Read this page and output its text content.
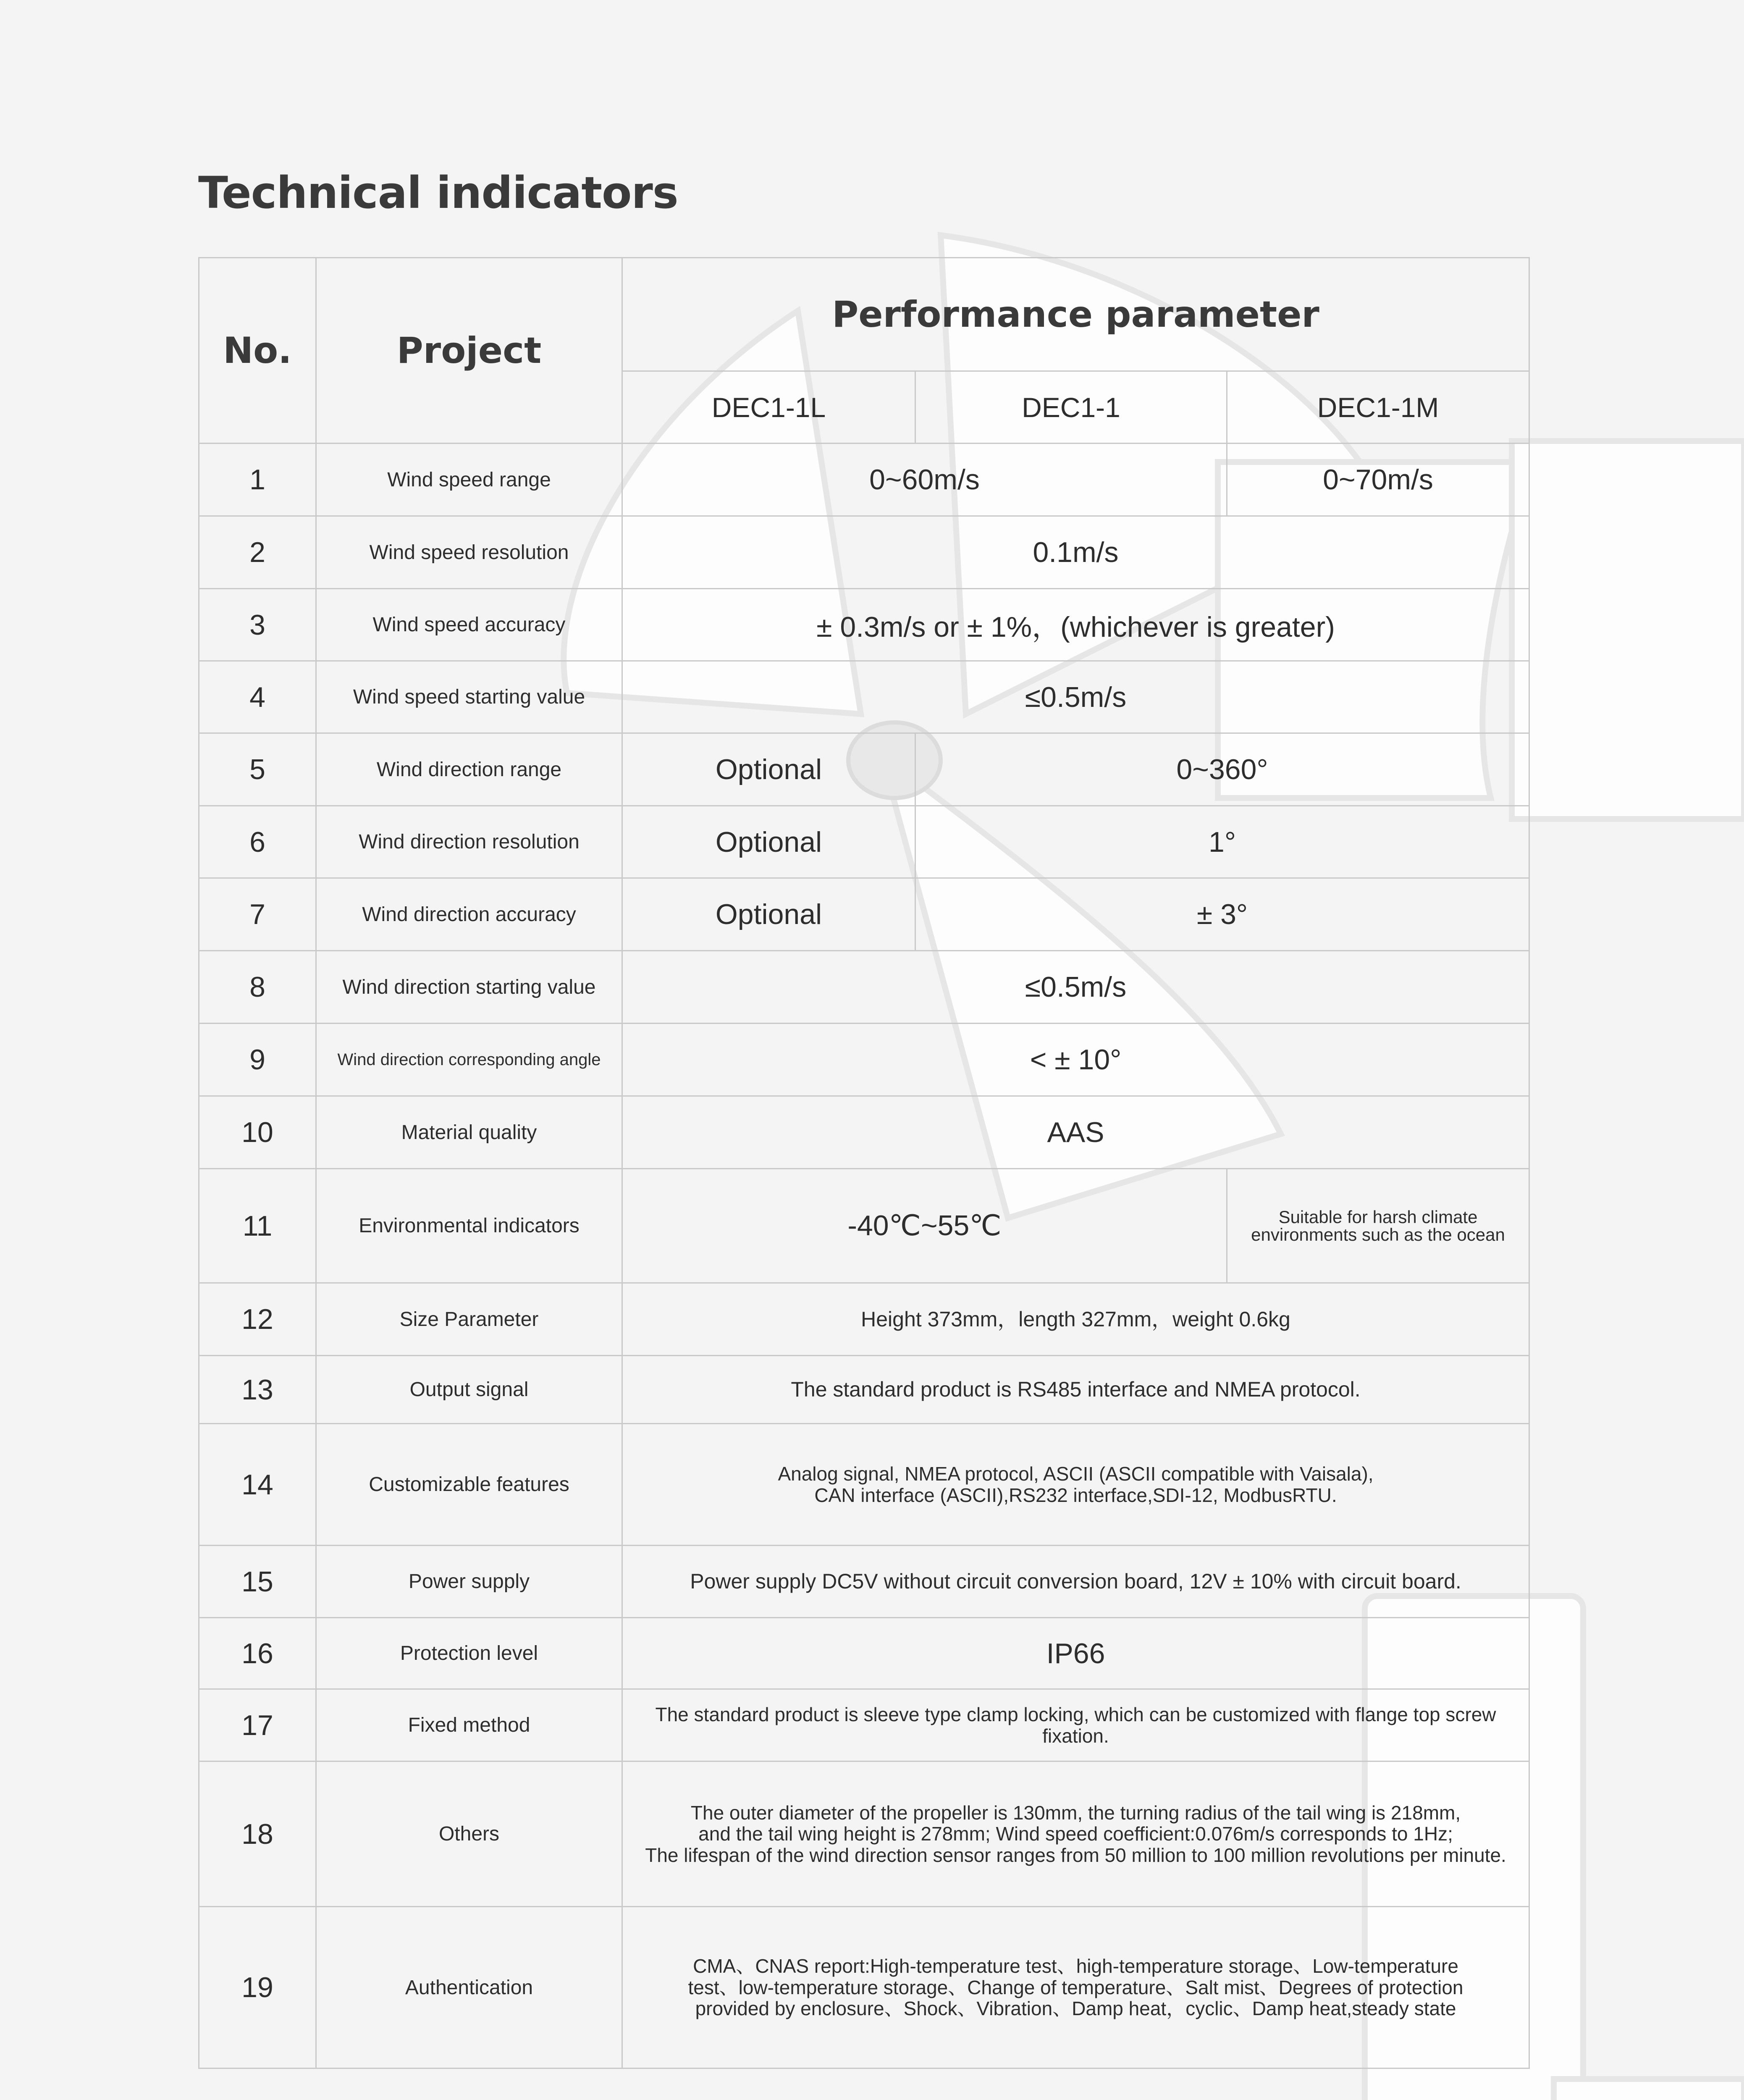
Technical indicators
No.	Project	Performance parameter		
		DEC1-1L	DEC1-1	DEC1-1M
1	Wind speed range	0~60m/s		0~70m/s
2	Wind speed resolution	0.1m/s		
3	Wind speed accuracy	± 0.3m/s or ± 1%，(whichever is greater)		
4	Wind speed starting value	≤0.5m/s		
5	Wind direction range	Optional	0~360°	
6	Wind direction resolution	Optional	1°	
7	Wind direction accuracy	Optional	± 3°	
8	Wind direction starting value	≤0.5m/s		
9	Wind direction corresponding angle	< ± 10°		
10	Material quality	AAS		
11	Environmental indicators	-40℃~55℃		Suitable for harsh climate environments such as the ocean
12	Size Parameter	Height 373mm，length 327mm，weight 0.6kg		
13	Output signal	The standard product is RS485 interface and NMEA protocol.		
14	Customizable features	Analog signal, NMEA protocol, ASCII (ASCII compatible with Vaisala),
CAN interface (ASCII),RS232 interface,SDI-12, ModbusRTU.		

15	Power supply	Power supply DC5V without circuit conversion board, 12V ± 10% with circuit board.		
16	Protection level	IP66		
17	Fixed method	The standard product is sleeve type clamp locking, which can be customized with flange top screw fixation.		
18	Others	The outer diameter of the propeller is 130mm, the turning radius of the tail wing is 218mm,
and the tail wing height is 278mm; Wind speed coefficient:0.076m/s corresponds to 1Hz;
The lifespan of the wind direction sensor ranges from 50 million to 100 million revolutions per minute.		

19	Authentication	CMA、CNAS report:High-temperature test、high-temperature storage、Low-temperature
test、low-temperature storage、Change of temperature、Salt mist、Degrees of protection
provided by enclosure、Shock、Vibration、Damp heat，cyclic、Damp heat,steady state		
